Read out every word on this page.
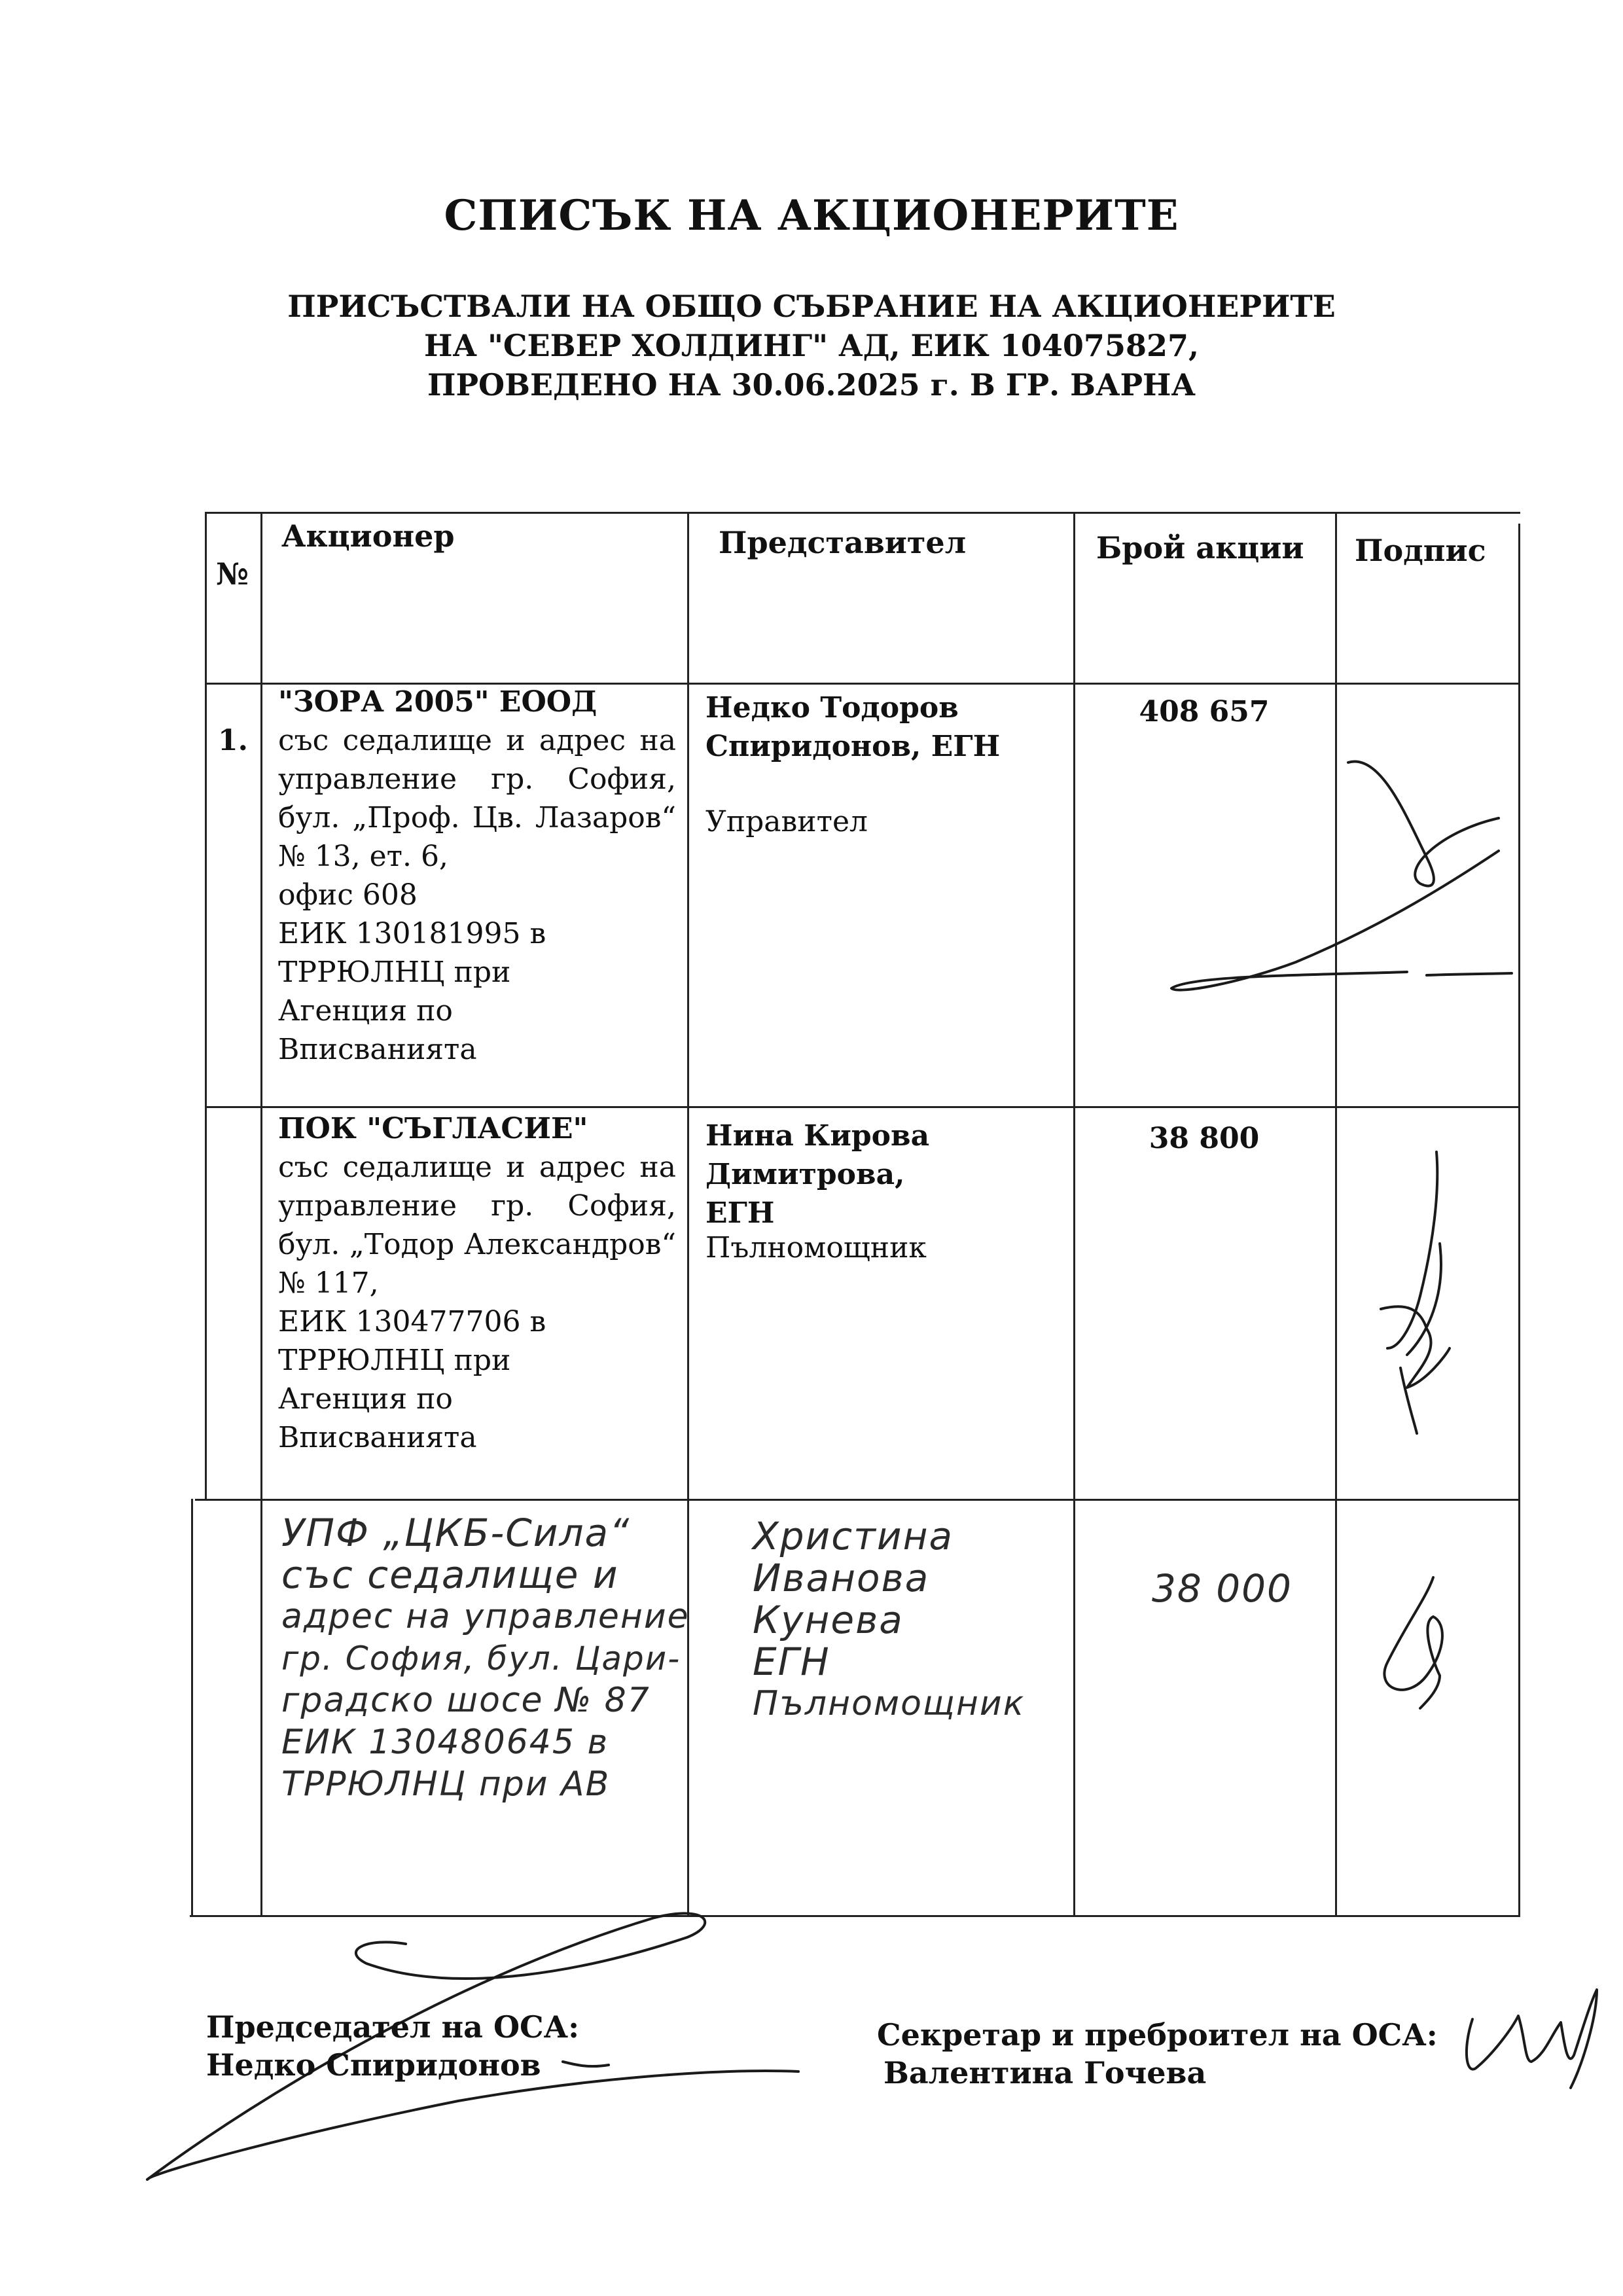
СПИСЪК НА АКЦИОНЕРИТЕ
ПРИСЪСТВАЛИ НА ОБЩО СЪБРАНИЕ НА АКЦИОНЕРИТЕ
НА "СЕВЕР ХОЛДИНГ" АД, ЕИК 104075827,
ПРОВЕДЕНО НА 30.06.2025 г. В ГР. ВАРНА
№
Акционер	Представител	Брой акции Подпис
1.
"ЗОРА 2005" ЕООД
със седалище и адрес на управление гр. София, бул. „Проф. Цв. Лазаров“ № 13, ет. 6,
офис 608
ЕИК 130181995 в
ТРРЮЛНЦ при
Агенция по
Вписванията
Недко Тодоров
Спиридонов, ЕГН
Управител
408 657
ПОК "СЪГЛАСИЕ"
със седалище и адрес на управление гр. София, бул. „Тодор Александров“ № 117,
ЕИК 130477706 в
ТРРЮЛНЦ при
Агенция по
Вписванията
Нина Кирова
Димитрова,
ЕГН
Пълномощник
38 800
УПФ „ЦКБ-Сила“
със седалище и
адрес на управление
гр. София, бул. Цари-
градско шосе № 87
ЕИК 130480645 в
ТРРЮЛНЦ при АВ
Христина
Иванова
Кунева
ЕГН
Пълномощник
38 000
Председател на ОСА:
Недко Спиридонов
Секретар и преброител на ОСА:
Валентина Гочева
